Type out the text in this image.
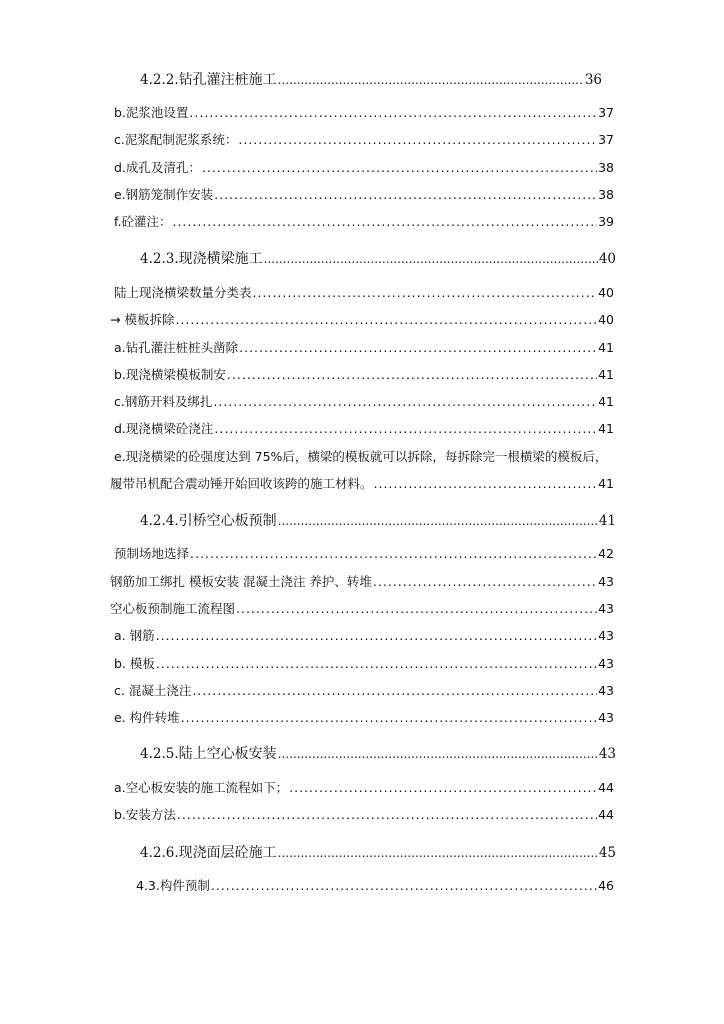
4.2.2.钻孔灌注桩施工 .....	36
b.泥浆池设置 .....	37
c.泥浆配制泥浆系统： .....	37
d.成孔及清孔： .....	38
e.钢筋笼制作安装 .....	38
f.砼灌注： .....	39
4.2.3.现浇横梁施工 .....	40
陆上现浇横梁数量分类表 .....	40
→ 模板拆除 .....	40
a.钻孔灌注桩桩头凿除 .....	41
b.现浇横梁模板制安 .....	41
c.钢筋开料及绑扎 .....	41
d.现浇横梁砼浇注 .....	41
e.现浇横梁的砼强度达到 75%后，横梁的模板就可以拆除，每拆除完一根横梁的模板后，
履带吊机配合震动锤开始回收该跨的施工材料。 .....	41
4.2.4.引桥空心板预制 .....	41
预制场地选择 .....	42
钢筋加工绑扎 模板安装 混凝土浇注 养护、转堆 .....	43
空心板预制施工流程图 .....	43
a. 钢筋 .....	43
b. 模板 .....	43
c. 混凝土浇注 .....	43
e. 构件转堆 .....	43
4.2.5.陆上空心板安装 .....	43
a.空心板安装的施工流程如下； .....	44
b.安装方法 .....	44
4.2.6.现浇面层砼施工 .....	45
4.3.构件预制 .....	46
